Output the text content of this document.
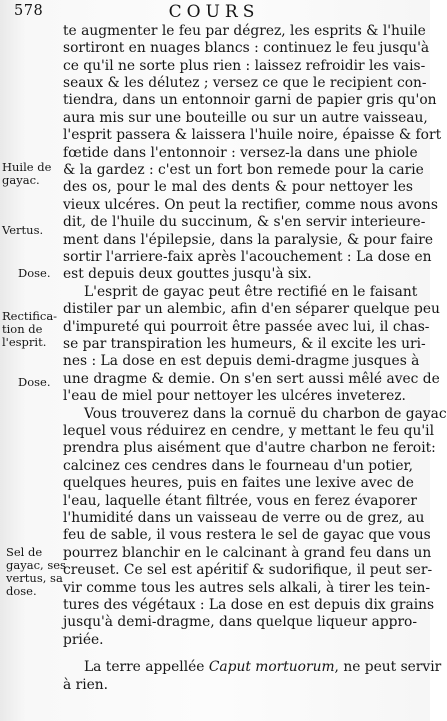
578	COURS
Huile de
gayac.
Vertus.
Dose.
Rectifica-
tion de
l'esprit.
Dose.
Sel de
gayac, ses
vertus, sa
dose.
te augmenter le feu par dégrez, les esprits & l'huile
sortiront en nuages blancs : continuez le feu jusqu'à
ce qu'il ne sorte plus rien : laissez refroidir les vais-
seaux & les délutez ; versez ce que le recipient con-
tiendra, dans un entonnoir garni de papier gris qu'on
aura mis sur une bouteille ou sur un autre vaisseau,
l'esprit passera & laissera l'huile noire, épaisse & fort
fœtide dans l'entonnoir : versez-la dans une phiole
& la gardez : c'est un fort bon remede pour la carie
des os, pour le mal des dents & pour nettoyer les
vieux ulcéres. On peut la rectifier, comme nous avons
dit, de l'huile du succinum, & s'en servir interieure-
ment dans l'épilepsie, dans la paralysie, & pour faire
sortir l'arriere-faix après l'acouchement : La dose en
est depuis deux gouttes jusqu'à six.
L'esprit de gayac peut être rectifié en le faisant
distiler par un alembic, afin d'en séparer quelque peu
d'impureté qui pourroit être passée avec lui, il chas-
se par transpiration les humeurs, & il excite les uri-
nes : La dose en est depuis demi-dragme jusques à
une dragme & demie. On s'en sert aussi mêlé avec de
l'eau de miel pour nettoyer les ulcéres inveterez.
Vous trouverez dans la cornuë du charbon de gayac
lequel vous réduirez en cendre, y mettant le feu qu'il
prendra plus aisément que d'autre charbon ne feroit:
calcinez ces cendres dans le fourneau d'un potier,
quelques heures, puis en faites une lexive avec de
l'eau, laquelle étant filtrée, vous en ferez évaporer
l'humidité dans un vaisseau de verre ou de grez, au
feu de sable, il vous restera le sel de gayac que vous
pourrez blanchir en le calcinant à grand feu dans un
creuset. Ce sel est apéritif & sudorifique, il peut ser-
vir comme tous les autres sels alkali, à tirer les tein-
tures des végétaux : La dose en est depuis dix grains
jusqu'à demi-dragme, dans quelque liqueur appro-
priée.
La terre appellée Caput mortuorum, ne peut servir
à rien.
